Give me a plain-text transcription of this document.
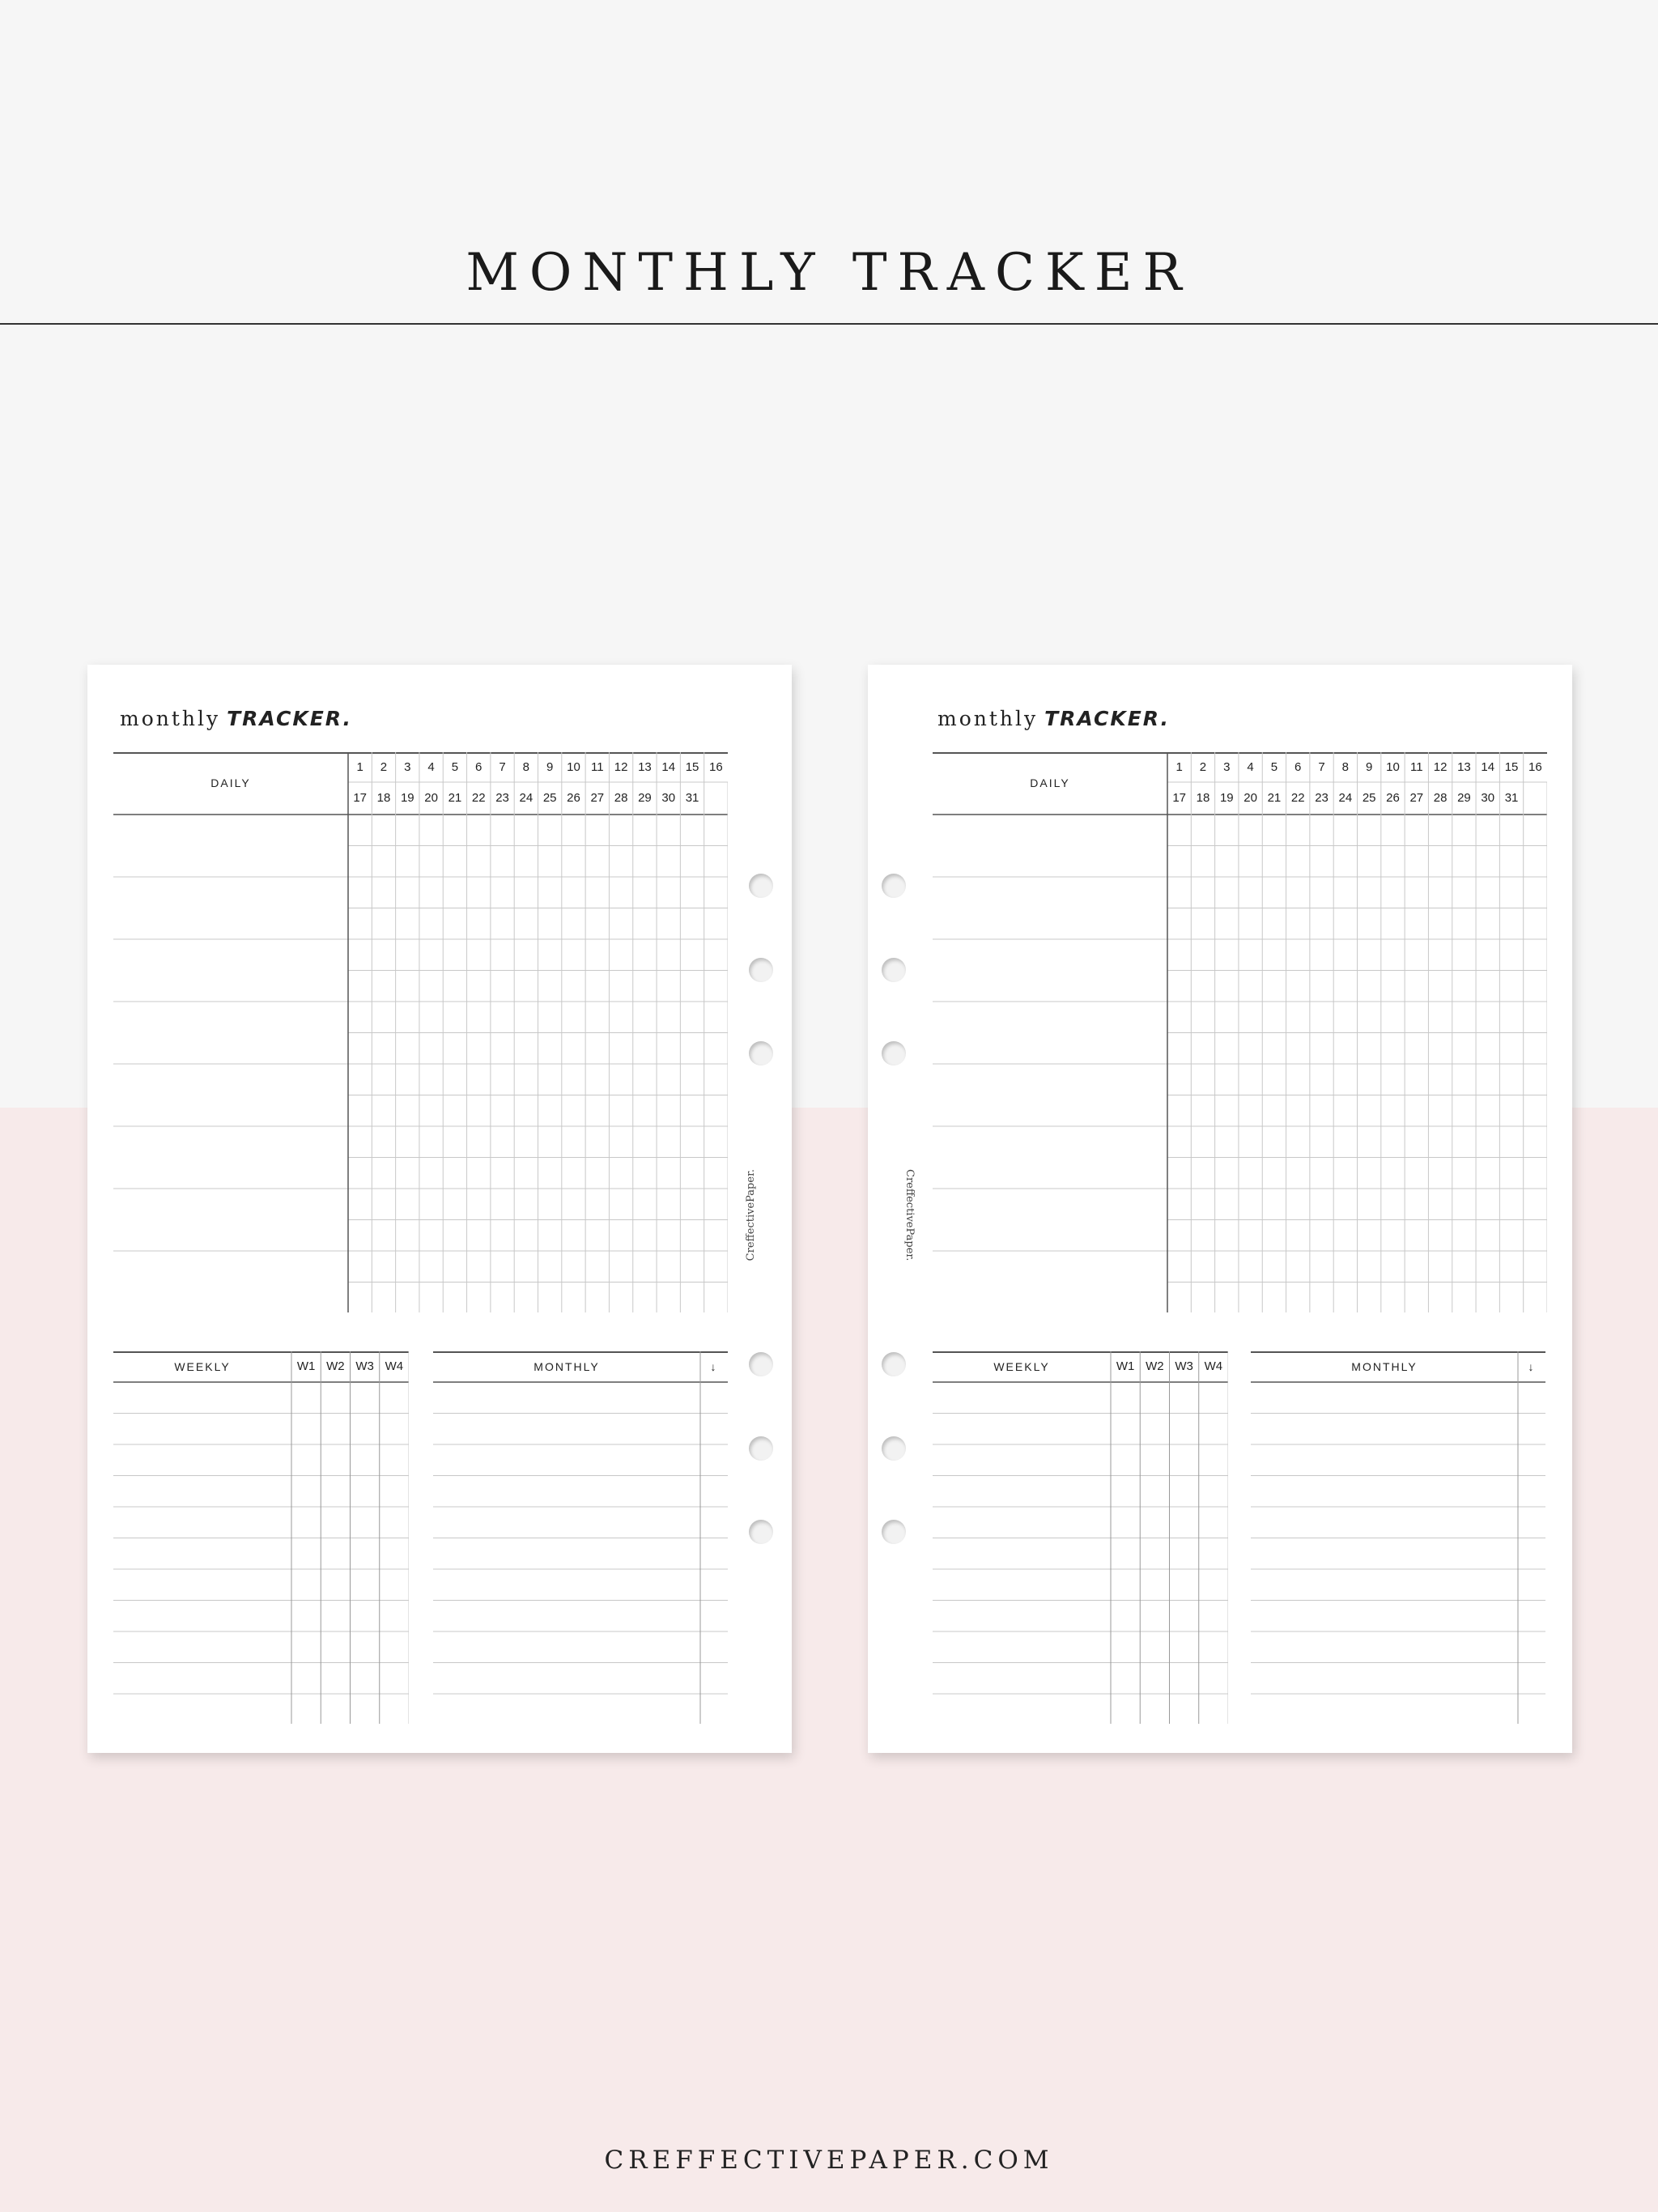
MONTHLY TRACKER
monthly TRACKER.
DAILY
1	2	3	4	5	6	7	8	9	10 11 12 13 14 15 16
17 18 19 20 21 22 23 24 25 26 27 28 29 30 31
WEEKLY	W1 W2 W3 W4	MONTHLY	↓
CreffectivePaper.
monthly TRACKER.
DAILY
1	2	3	4	5	6	7	8	9	10 11 12 13 14 15 16
17 18 19 20 21 22 23 24 25 26 27 28 29 30 31
WEEKLY	W1 W2 W3 W4	MONTHLY	↓
CreffectivePaper.
CREFFECTIVEPAPER.COM
